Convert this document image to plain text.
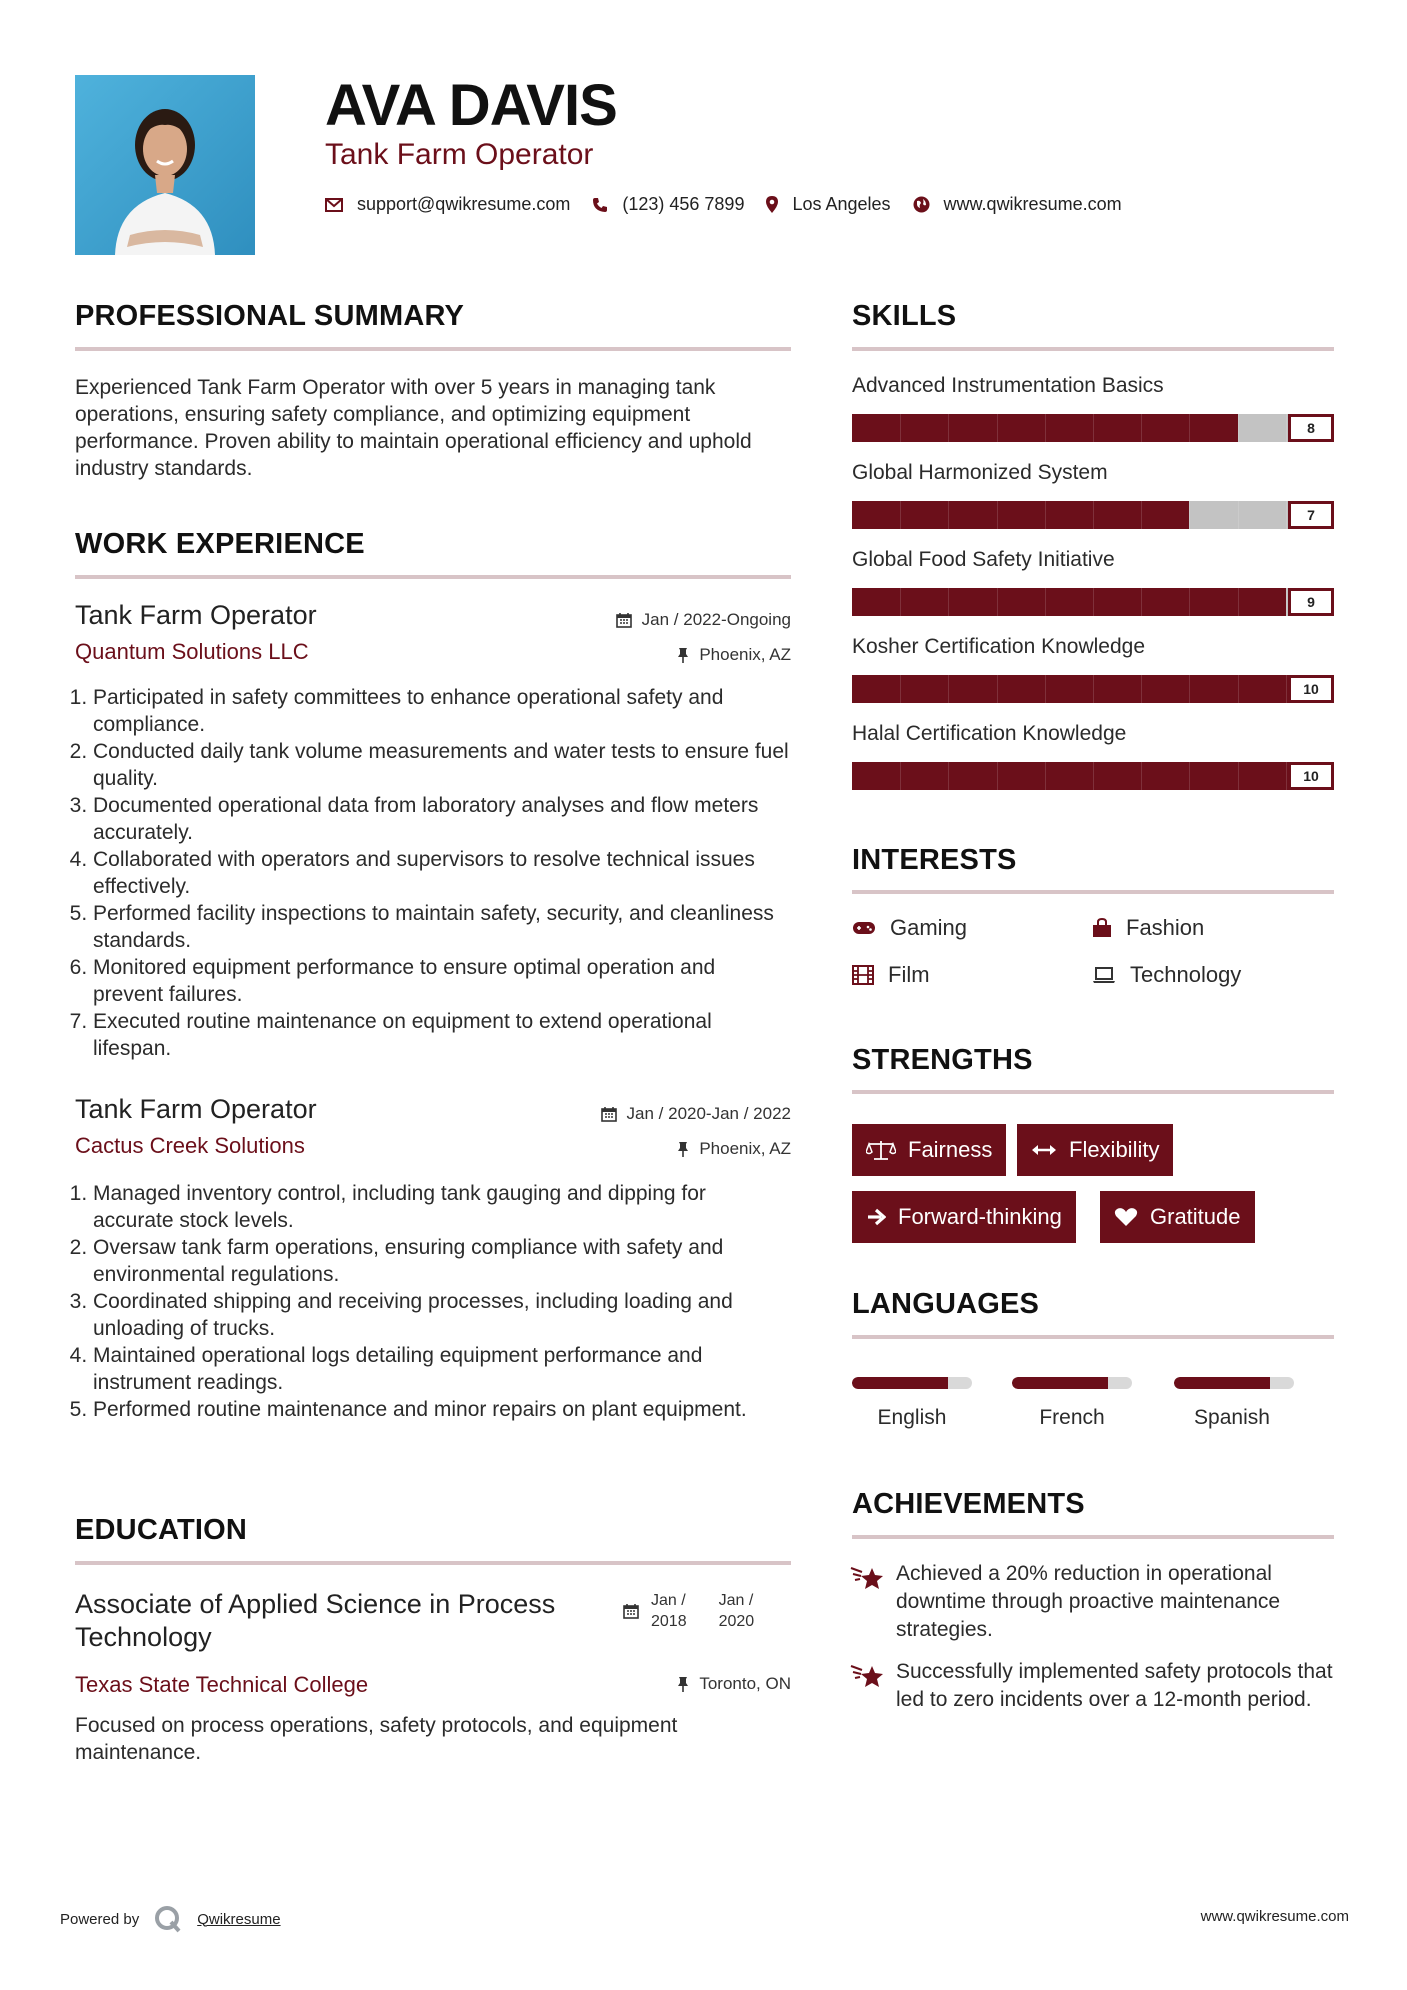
AVA DAVIS
Tank Farm Operator
support@qwikresume.com	(123) 456 7899	Los Angeles	www.qwikresume.com
PROFESSIONAL SUMMARY
Experienced Tank Farm Operator with over 5 years in managing tank operations, ensuring safety compliance, and optimizing equipment performance. Proven ability to maintain operational efficiency and uphold industry standards.
WORK EXPERIENCE
Tank Farm Operator
Quantum Solutions LLC
Jan / 2022-Ongoing
Phoenix, AZ
1. Participated in safety committees to enhance operational safety and compliance.
2. Conducted daily tank volume measurements and water tests to ensure fuel quality.
3. Documented operational data from laboratory analyses and flow meters accurately.
4. Collaborated with operators and supervisors to resolve technical issues effectively.
5. Performed facility inspections to maintain safety, security, and cleanliness standards.
6. Monitored equipment performance to ensure optimal operation and prevent failures.
7. Executed routine maintenance on equipment to extend operational lifespan.
Tank Farm Operator
Cactus Creek Solutions
Jan / 2020-Jan / 2022
Phoenix, AZ
1. Managed inventory control, including tank gauging and dipping for accurate stock levels.
2. Oversaw tank farm operations, ensuring compliance with safety and environmental regulations.
3. Coordinated shipping and receiving processes, including loading and unloading of trucks.
4. Maintained operational logs detailing equipment performance and instrument readings.
5. Performed routine maintenance and minor repairs on plant equipment.
EDUCATION
Associate of Applied Science in Process Technology
Jan /
2018
Jan /
2020
Texas State Technical College	Toronto, ON
Focused on process operations, safety protocols, and equipment maintenance.
SKILLS
Advanced Instrumentation Basics
8
Global Harmonized System
7
Global Food Safety Initiative
9
Kosher Certification Knowledge
10
Halal Certification Knowledge
10
INTERESTS
Gaming	Fashion
Film	Technology
STRENGTHS
Fairness	Flexibility
Forward-thinking	Gratitude
LANGUAGES
English	French	Spanish
ACHIEVEMENTS
Achieved a 20% reduction in operational downtime through proactive maintenance strategies.
Successfully implemented safety protocols that led to zero incidents over a 12-month period.
Powered by	Qwikresume	www.qwikresume.com
